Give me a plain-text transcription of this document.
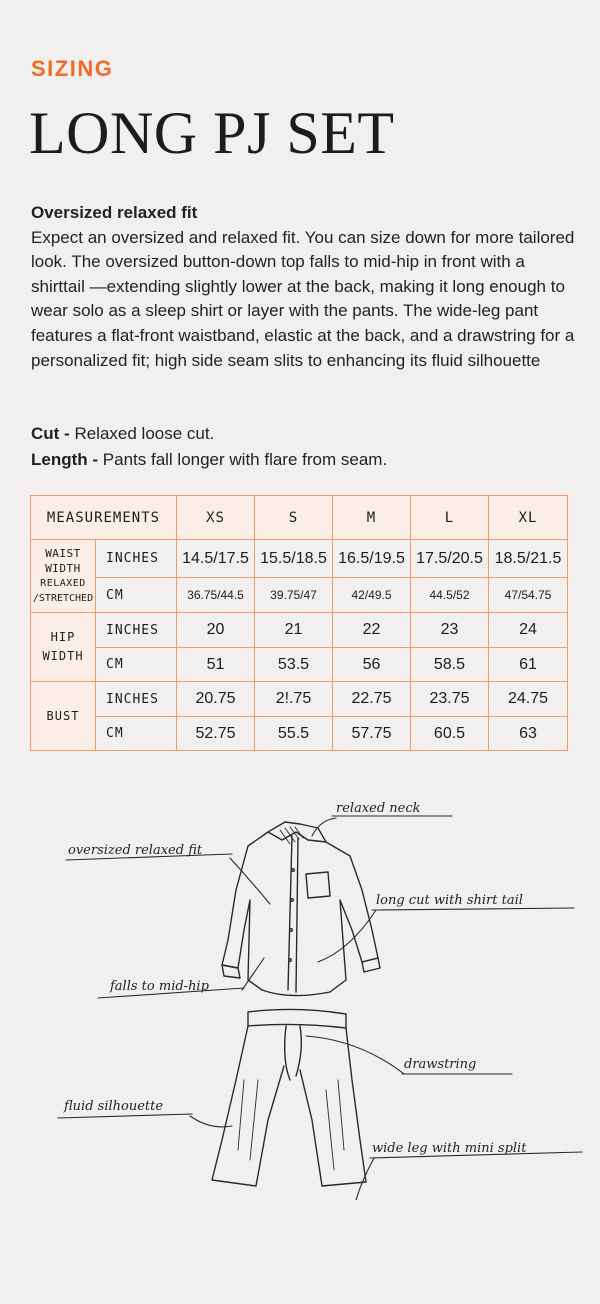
SIZING
LONG PJ SET
Oversized relaxed fit
Expect an oversized and relaxed fit. You can size down for more tailored look. The oversized button-down top falls to mid-hip in front with a shirttail —extending slightly lower at the back, making it long enough to wear solo as a sleep shirt or layer with the pants. The wide-leg pant features a flat-front waistband, elastic at the back, and a drawstring for a personalized fit; high side seam slits to enhancing its fluid silhouette
Cut - Relaxed loose cut.
Length - Pants fall longer with flare from seam.
MEASUREMENTS		XS	S	M	L	XL

WAIST
WIDTH
RELAXED
/STRETCHED	INCHES	14.5/17.5	15.5/18.5	16.5/19.5	17.5/20.5	18.5/21.5
	CM	36.75/44.5	39.75/47	42/49.5	44.5/52	47/54.75

HIP
WIDTH	INCHES	20	21	22	23	24
	CM	51	53.5	56	58.5	61
BUST	INCHES	20.75	2!.75	22.75	23.75	24.75
	CM	52.75	55.5	57.75	60.5	63
relaxed neck
oversized relaxed fit
long cut with shirt tail
falls to mid-hip
drawstring
fluid silhouette
wide leg with mini split
